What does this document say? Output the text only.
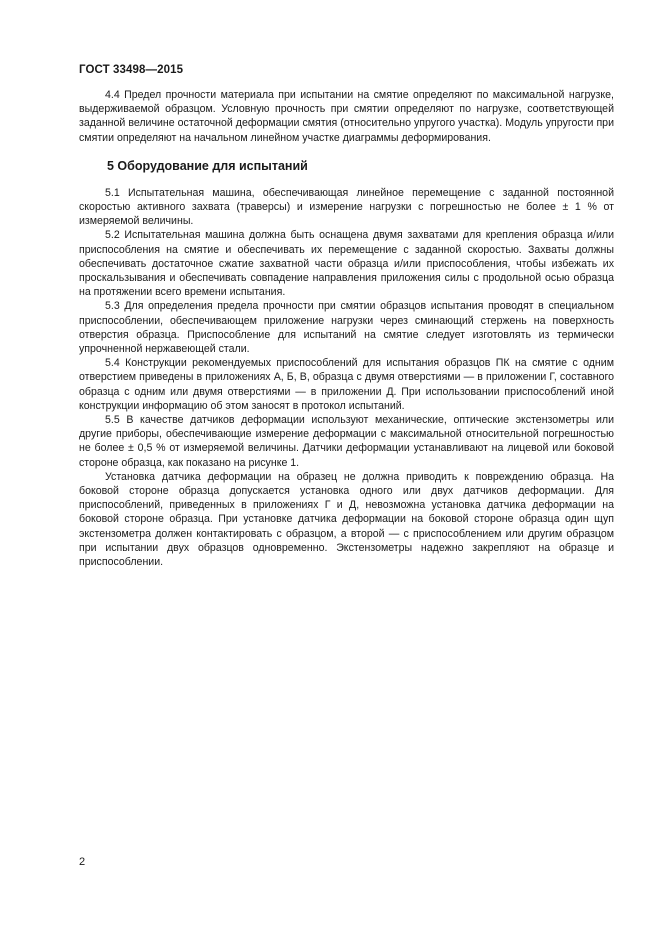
ГОСТ 33498—2015

4.4 Предел прочности материала при испытании на смятие определяют по максимальной нагрузке, выдерживаемой образцом. Условную прочность при смятии определяют по нагрузке, соответствующей заданной величине остаточной деформации смятия (относительно упругого участка). Модуль упругости при смятии определяют на начальном линейном участке диаграммы деформирования.

5 Оборудование для испытаний

5.1 Испытательная машина, обеспечивающая линейное перемещение с заданной постоянной скоростью активного захвата (траверсы) и измерение нагрузки с погрешностью не более ± 1 % от измеряемой величины.

5.2 Испытательная машина должна быть оснащена двумя захватами для крепления образца и/или приспособления на смятие и обеспечивать их перемещение с заданной скоростью. Захваты должны обеспечивать достаточное сжатие захватной части образца и/или приспособления, чтобы избежать их проскальзывания и обеспечивать совпадение направления приложения силы с продольной осью образца на протяжении всего времени испытания.

5.3 Для определения предела прочности при смятии образцов испытания проводят в специальном приспособлении, обеспечивающем приложение нагрузки через сминающий стержень на поверхность отверстия образца. Приспособление для испытаний на смятие следует изготовлять из термически упрочненной нержавеющей стали.

5.4 Конструкции рекомендуемых приспособлений для испытания образцов ПК на смятие с одним отверстием приведены в приложениях А, Б, В, образца с двумя отверстиями — в приложении Г, составного образца с одним или двумя отверстиями — в приложении Д. При использовании приспособлений иной конструкции информацию об этом заносят в протокол испытаний.

5.5 В качестве датчиков деформации используют механические, оптические экстензометры или другие приборы, обеспечивающие измерение деформации с максимальной относительной погрешностью не более ± 0,5 % от измеряемой величины. Датчики деформации устанавливают на лицевой или боковой стороне образца, как показано на рисунке 1.

Установка датчика деформации на образец не должна приводить к повреждению образца. На боковой стороне образца допускается установка одного или двух датчиков деформации. Для приспособлений, приведенных в приложениях Г и Д, невозможна установка датчика деформации на боковой стороне образца. При установке датчика деформации на боковой стороне образца один щуп экстензометра должен контактировать с образцом, а второй — с приспособлением или другим образцом при испытании двух образцов одновременно. Экстензометры надежно закрепляют на образце и приспособлении.

2
